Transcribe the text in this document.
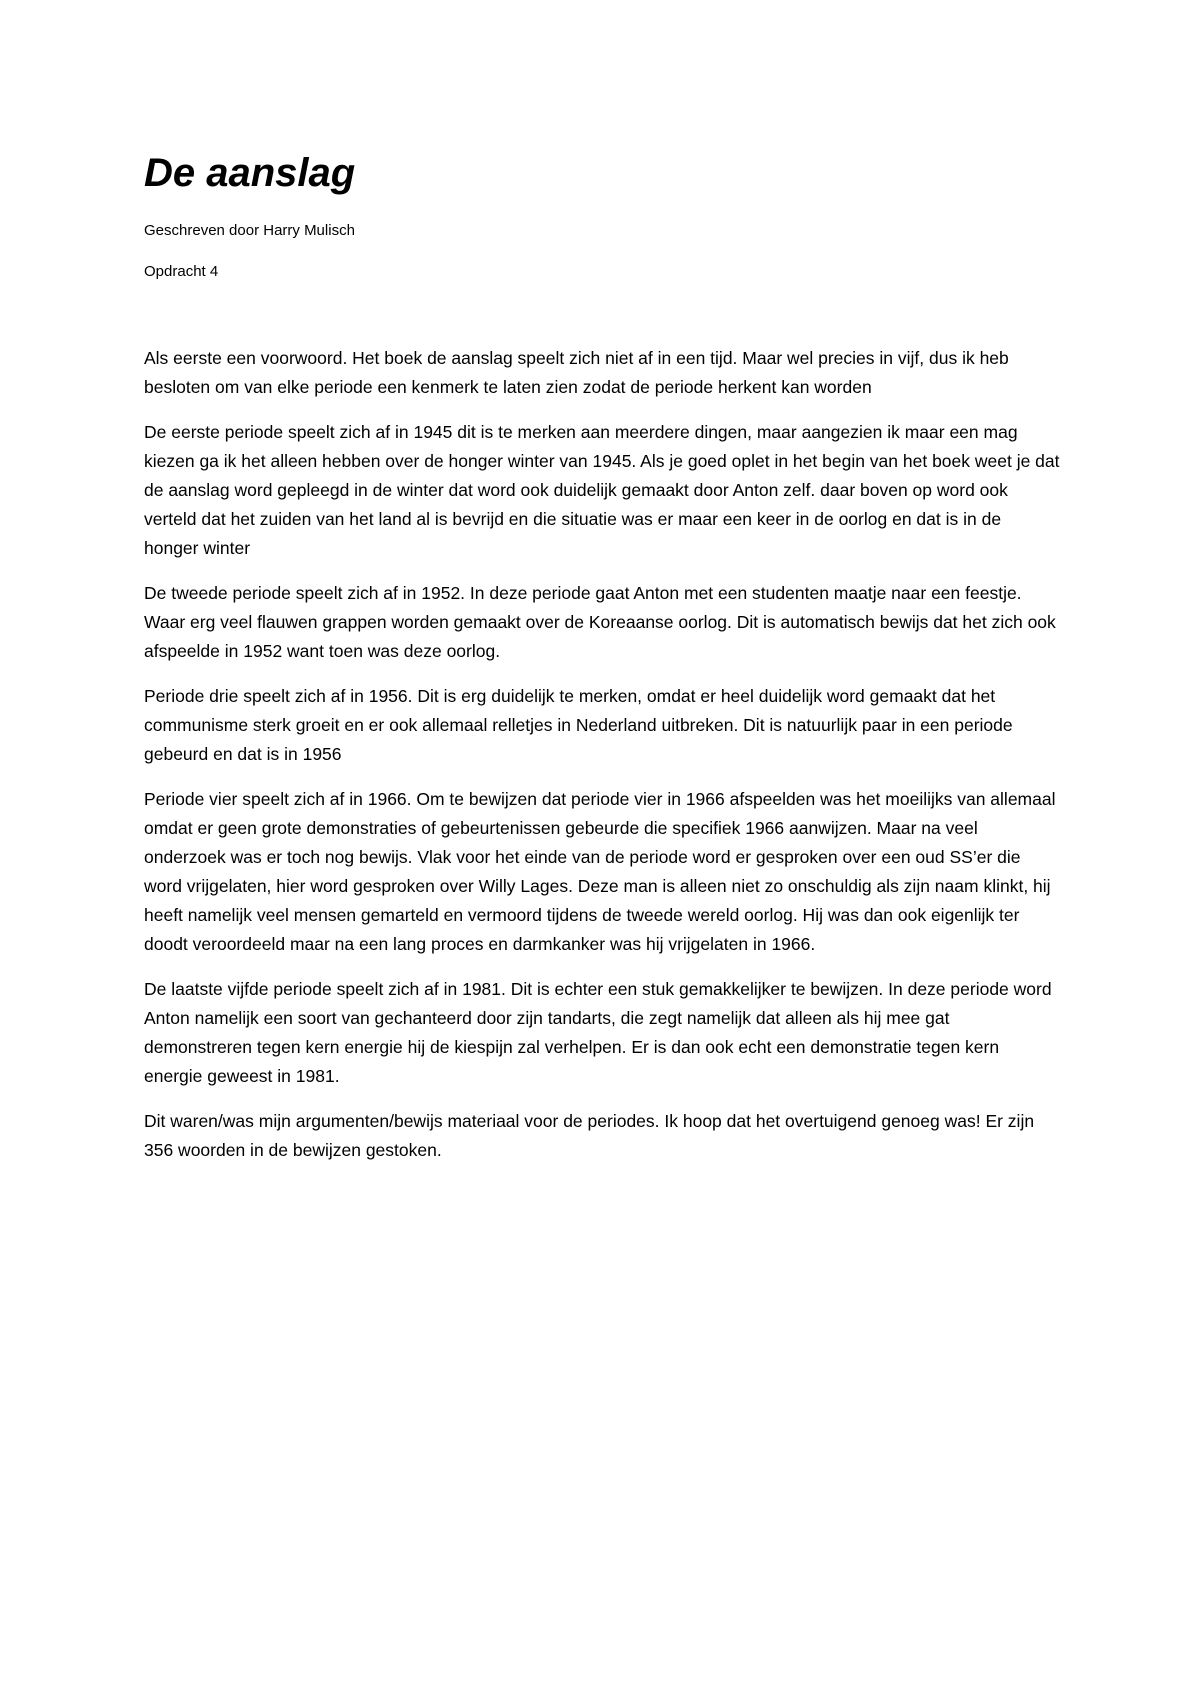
De aanslag

Geschreven door Harry Mulisch

Opdracht 4

Als eerste een voorwoord. Het boek de aanslag speelt zich niet af in een tijd. Maar wel precies in vijf, dus ik heb besloten om van elke periode een kenmerk te laten zien zodat de periode herkent kan worden

De eerste periode speelt zich af in 1945 dit is te merken aan meerdere dingen, maar aangezien ik maar een mag kiezen ga ik het alleen hebben over de honger winter van 1945. Als je goed oplet in het begin van het boek weet je dat de aanslag word gepleegd in de winter dat word ook duidelijk gemaakt door Anton zelf. daar boven op word ook verteld dat het zuiden van het land al is bevrijd en die situatie was er maar een keer in de oorlog en dat is in de honger winter

De tweede periode speelt zich af in 1952. In deze periode gaat Anton met een studenten maatje naar een feestje. Waar erg veel flauwen grappen worden gemaakt over de Koreaanse oorlog. Dit is automatisch bewijs dat het zich ook afspeelde in 1952 want toen was deze oorlog.

Periode drie speelt zich af in 1956. Dit is erg duidelijk te merken, omdat er heel duidelijk word gemaakt dat het communisme sterk groeit en er ook allemaal relletjes in Nederland uitbreken. Dit is natuurlijk paar in een periode gebeurd en dat is in 1956

Periode vier speelt zich af in 1966. Om te bewijzen dat periode vier in 1966 afspeelden was het moeilijks van allemaal omdat er geen grote demonstraties of gebeurtenissen gebeurde die specifiek 1966 aanwijzen. Maar na veel onderzoek was er toch nog bewijs. Vlak voor het einde van de periode word er gesproken over een oud SS’er die word vrijgelaten, hier word gesproken over Willy Lages. Deze man is alleen niet zo onschuldig als zijn naam klinkt, hij heeft namelijk veel mensen gemarteld en vermoord tijdens de tweede wereld oorlog. Hij was dan ook eigenlijk ter doodt veroordeeld maar na een lang proces en darmkanker was hij vrijgelaten in 1966.

De laatste vijfde periode speelt zich af in 1981. Dit is echter een stuk gemakkelijker te bewijzen. In deze periode word Anton namelijk een soort van gechanteerd door zijn tandarts, die zegt namelijk dat alleen als hij mee gat demonstreren tegen kern energie hij de kiespijn zal verhelpen. Er is dan ook echt een demonstratie tegen kern energie geweest in 1981.

Dit waren/was mijn argumenten/bewijs materiaal voor de periodes. Ik hoop dat het overtuigend genoeg was! Er zijn 356 woorden in de bewijzen gestoken.
